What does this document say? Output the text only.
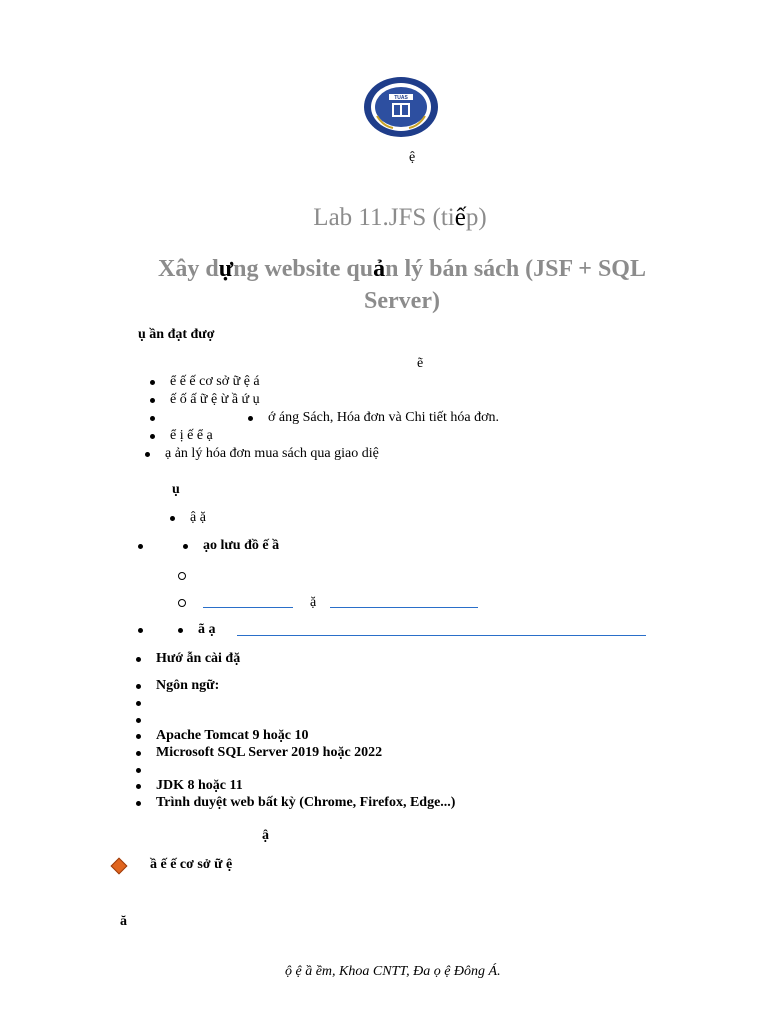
TUAS
ệ
Lab 11.JFS (tiếp)
Xây dựng website quản lý bán sách (JSF + SQL
Server)
ụ ần đạt đượ
ẽ
ể ế ế cơ sở ữ ệ á
ế ố ấ ữ ệ ừ ầ ứ ụ
ớ áng Sách, Hóa đơn và Chi tiết hóa đơn.
ể ị ế ể ạ
ạ ản lý hóa đơn mua sách qua giao diệ
ụ
ậ ặ
ạo lưu đồ ế ầ
ặ
ã ạ
Hướ ẫn cài đặ
Ngôn ngữ:
Apache Tomcat 9 hoặc 10
Microsoft SQL Server 2019 hoặc 2022
JDK 8 hoặc 11
Trình duyệt web bất kỳ (Chrome, Firefox, Edge...)
ậ
ầ ế ế cơ sở ữ ệ
ă
ộ ệ ầ ềm, Khoa CNTT, Đa ọ ệ Đông Á.
